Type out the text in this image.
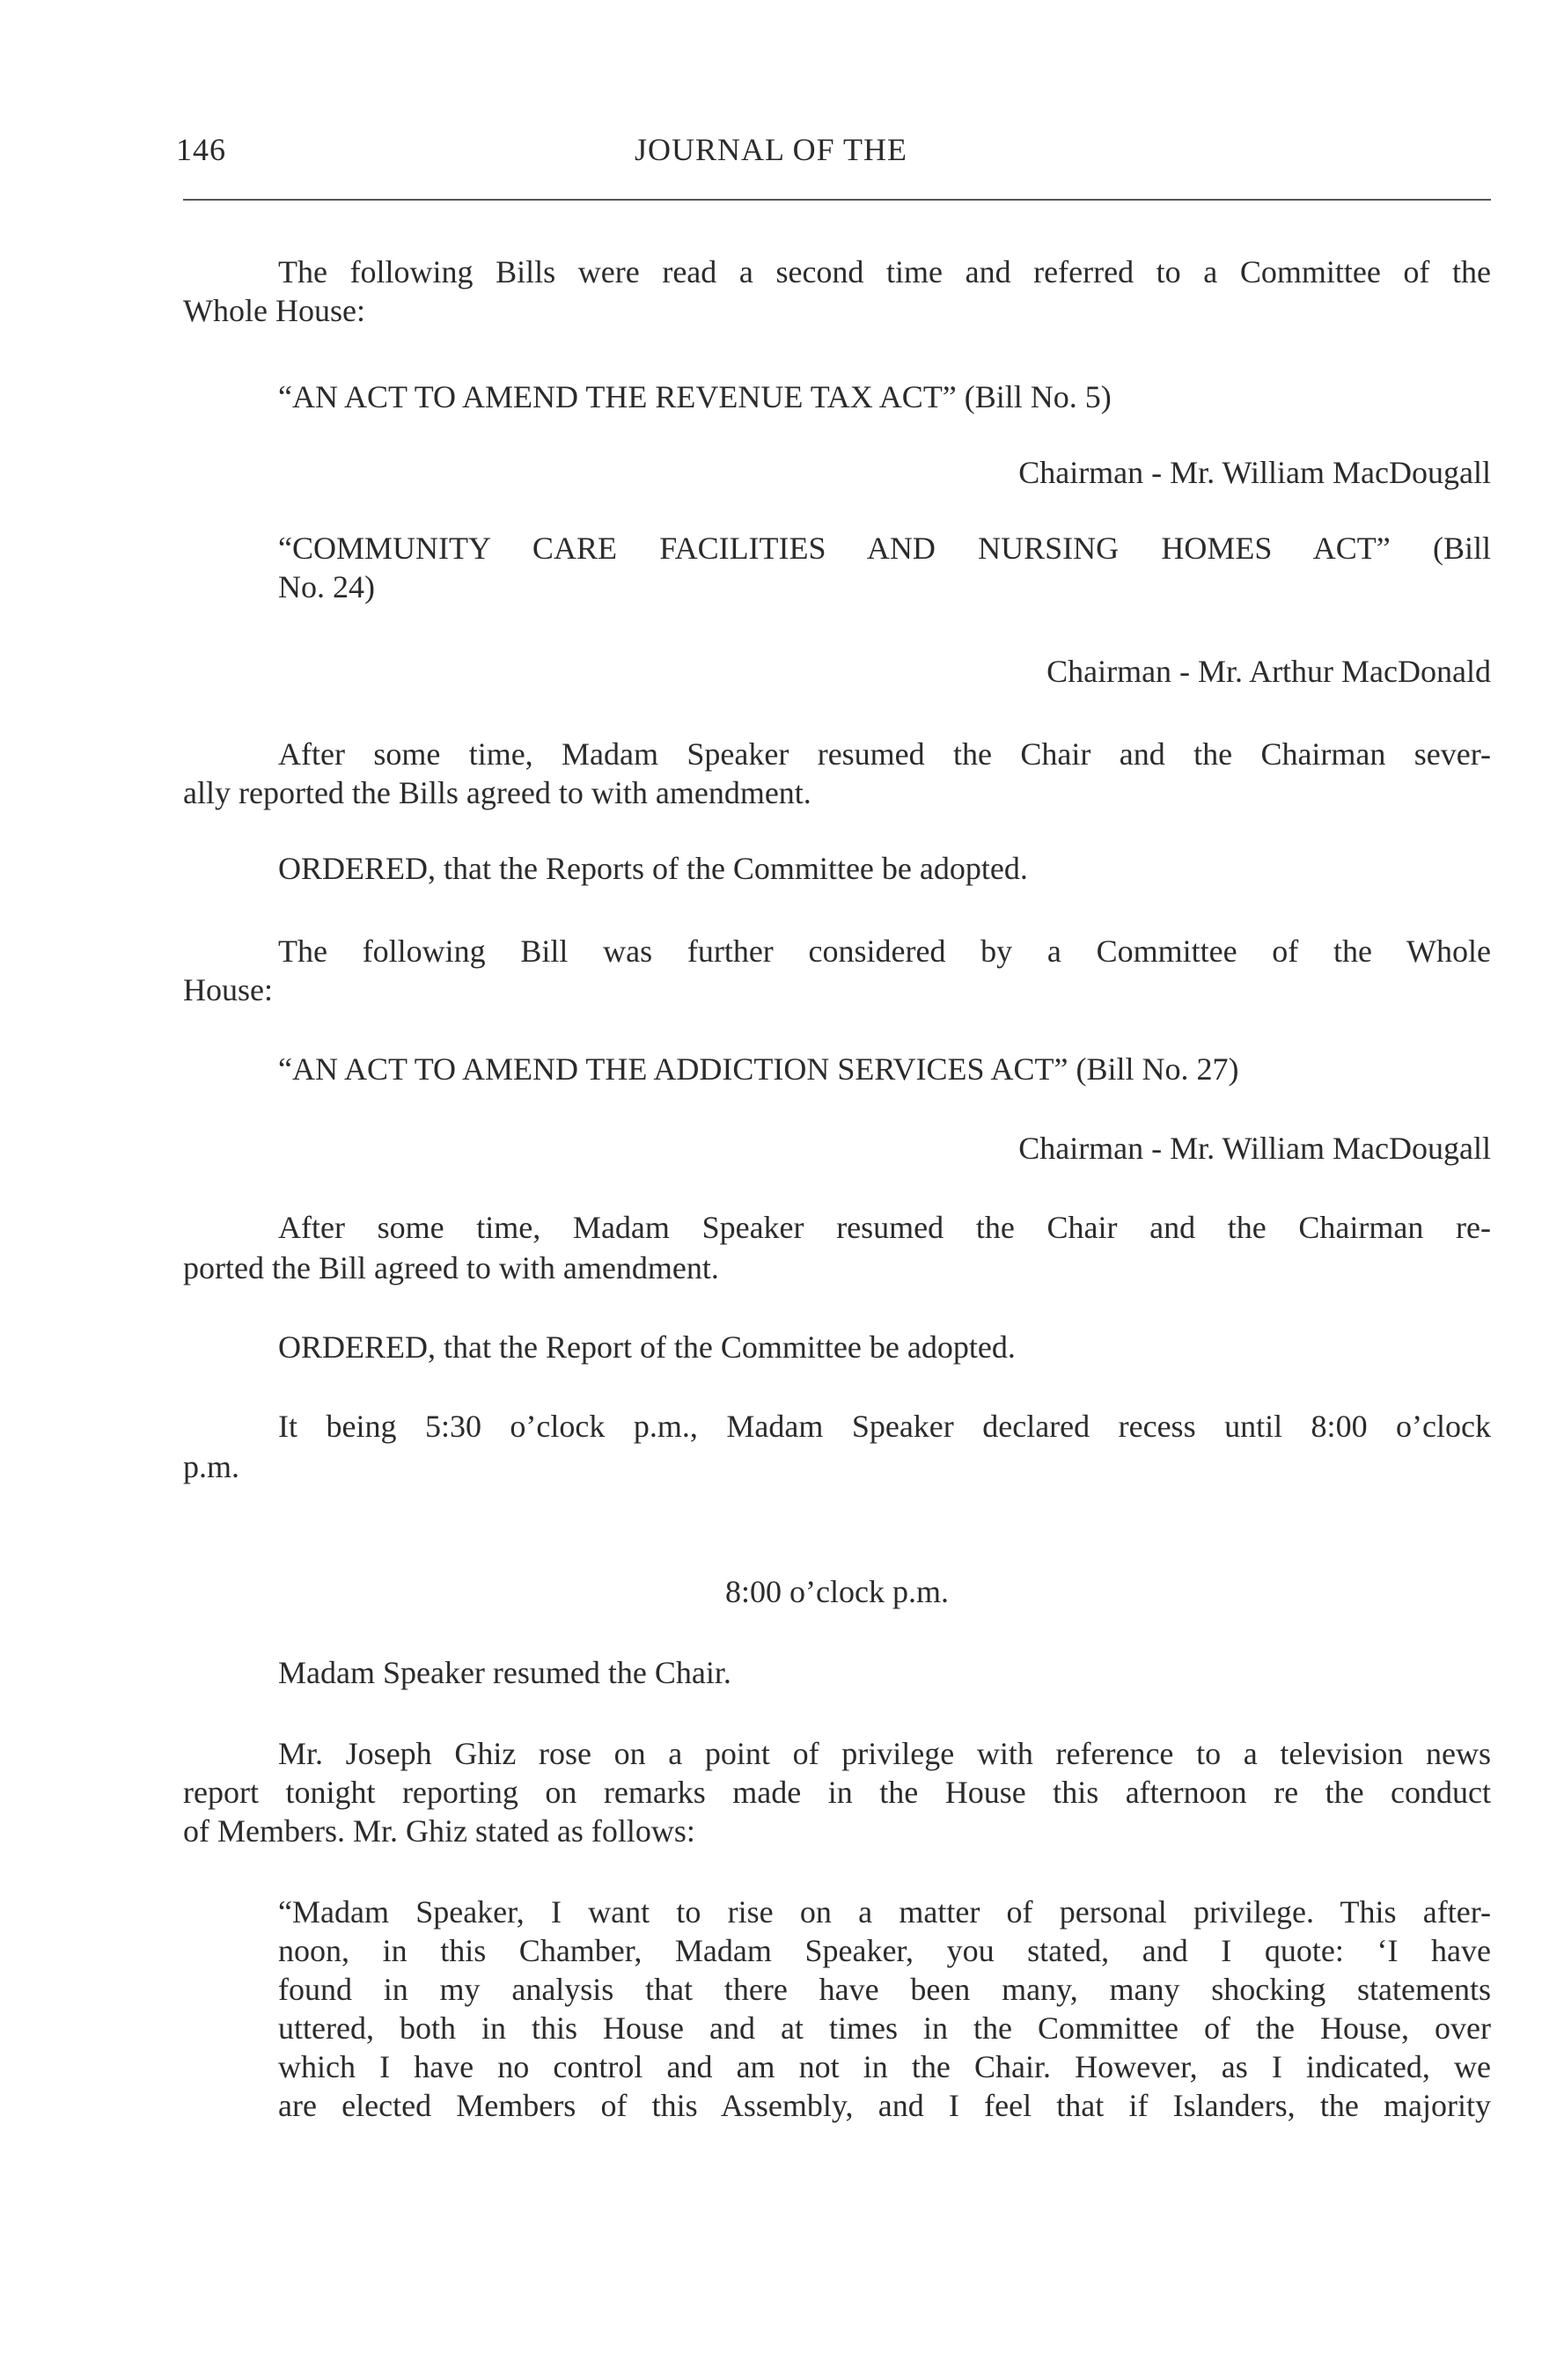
146	JOURNAL OF THE
The following Bills were read a second time and referred to a Committee of the
Whole House:
“AN ACT TO AMEND THE REVENUE TAX ACT” (Bill No. 5)
Chairman - Mr. William MacDougall
“COMMUNITY CARE FACILITIES AND NURSING HOMES ACT” (Bill
No. 24)
Chairman - Mr. Arthur MacDonald
After some time, Madam Speaker resumed the Chair and the Chairman sever-
ally reported the Bills agreed to with amendment.
ORDERED, that the Reports of the Committee be adopted.
The following Bill was further considered by a Committee of the Whole
House:
“AN ACT TO AMEND THE ADDICTION SERVICES ACT” (Bill No. 27)
Chairman - Mr. William MacDougall
After some time, Madam Speaker resumed the Chair and the Chairman re-
ported the Bill agreed to with amendment.
ORDERED, that the Report of the Committee be adopted.
It being 5:30 o’clock p.m., Madam Speaker declared recess until 8:00 o’clock
p.m.
8:00 o’clock p.m.
Madam Speaker resumed the Chair.
Mr. Joseph Ghiz rose on a point of privilege with reference to a television news
report tonight reporting on remarks made in the House this afternoon re the conduct
of Members. Mr. Ghiz stated as follows:
“Madam Speaker, I want to rise on a matter of personal privilege. This after-
noon, in this Chamber, Madam Speaker, you stated, and I quote: ‘I have
found in my analysis that there have been many, many shocking statements
uttered, both in this House and at times in the Committee of the House, over
which I have no control and am not in the Chair. However, as I indicated, we
are elected Members of this Assembly, and I feel that if Islanders, the majority
